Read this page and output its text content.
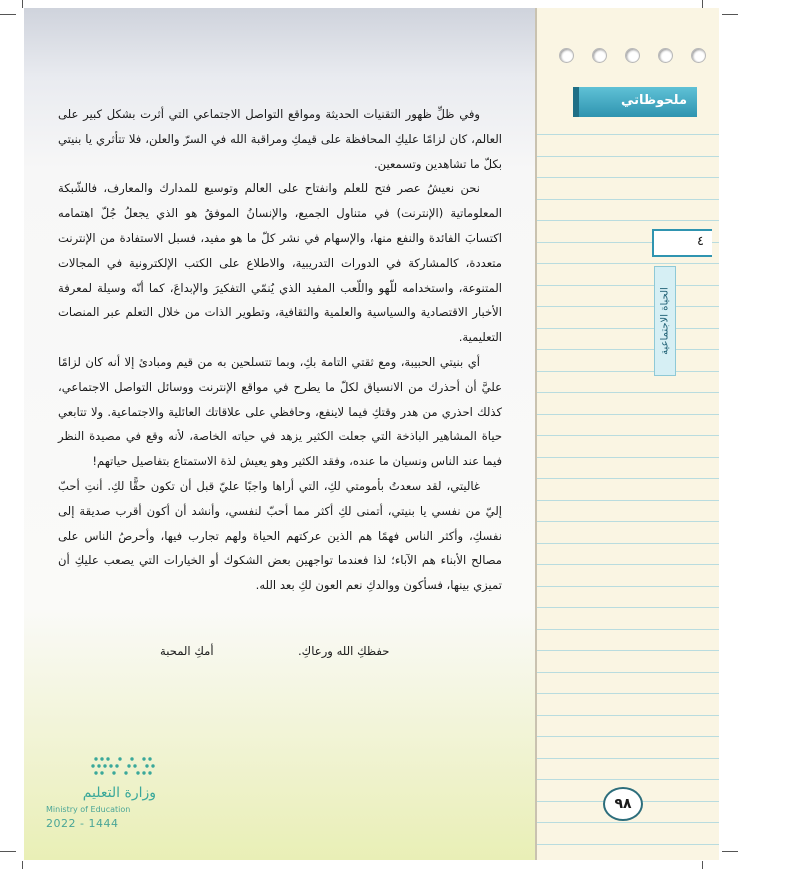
وفي ظلِّ ظهور التقنيات الحديثة ومواقع التواصل الاجتماعي التي أثرت بشكل كبير على العالم، كان لزامًا عليكِ المحافظة على قيمكِ ومراقبة الله في السرّ والعلن، فلا تتأثري يا بنيتي بكلّ ما تشاهدين وتسمعين.

نحن نعيشُ عصر فتح للعلم وانفتاح على العالم وتوسيع للمدارك والمعارف، فالشّبكة المعلوماتية (الإنترنت) في متناول الجميع، والإنسانُ الموفقُ هو الذي يجعلُ جُلّ اهتمامه اكتسابَ الفائدة والنفع منها، والإسهام في نشر كلّ ما هو مفيد، فسبل الاستفادة من الإنترنت متعددة، كالمشاركة في الدورات التدريبية، والاطلاع على الكتب الإلكترونية في المجالات المتنوعة، واستخدامه للّهو واللّعب المفيد الذي يُنمّي التفكيرَ والإبداعَ، كما أنّه وسيلة لمعرفة الأخبار الاقتصادية والسياسية والعلمية والثقافية، وتطوير الذات من خلال التعلم عبر المنصات التعليمية.

أي بنيتي الحبيبة، ومع ثقتي التامة بكِ، وبما تتسلحين به من قيم ومبادئ إلا أنه كان لزامًا عليَّ أن أحذرك من الانسياق لكلّ ما يطرح في مواقع الإنترنت ووسائل التواصل الاجتماعي، كذلك احذري من هدر وقتكِ فيما لاينفع، وحافظي على علاقاتك العائلية والاجتماعية. ولا تتابعي حياة المشاهير الباذخة التي جعلت الكثير يزهد في حياته الخاصة، لأنه وقع في مصيدة النظر فيما عند الناس ونسيان ما عنده، وفقد الكثير وهو يعيش لذة الاستمتاع بتفاصيل حياتهم!

غاليتي، لقد سعدتُ بأمومتي لكِ، التي أراها واجبًا عليّ قبل أن تكون حقًّا لكِ. أنتِ أحبّ إليّ من نفسي يا بنيتي، أتمنى لكِ أكثر مما أحبّ لنفسي، وأنشد أن أكون أقرب صديقة إلى نفسكِ، وأكثر الناس فهمًا هم الذين عركتهم الحياة ولهم تجارب فيها، وأحرصُ الناس على مصالح الأبناء هم الآباء؛ لذا فعندما تواجهين بعض الشكوك أو الخيارات التي يصعب عليكِ أن تميزي بينها، فسأكون ووالدكِ نعم العون لكِ بعد الله.

حفظكِ الله ورعاكِ.
أمكِ المحبة
وزارة التعليم
Ministry of Education
2022 - 1444
ملحوظاتي
٤
الحياة الاجتماعية
٩٨
